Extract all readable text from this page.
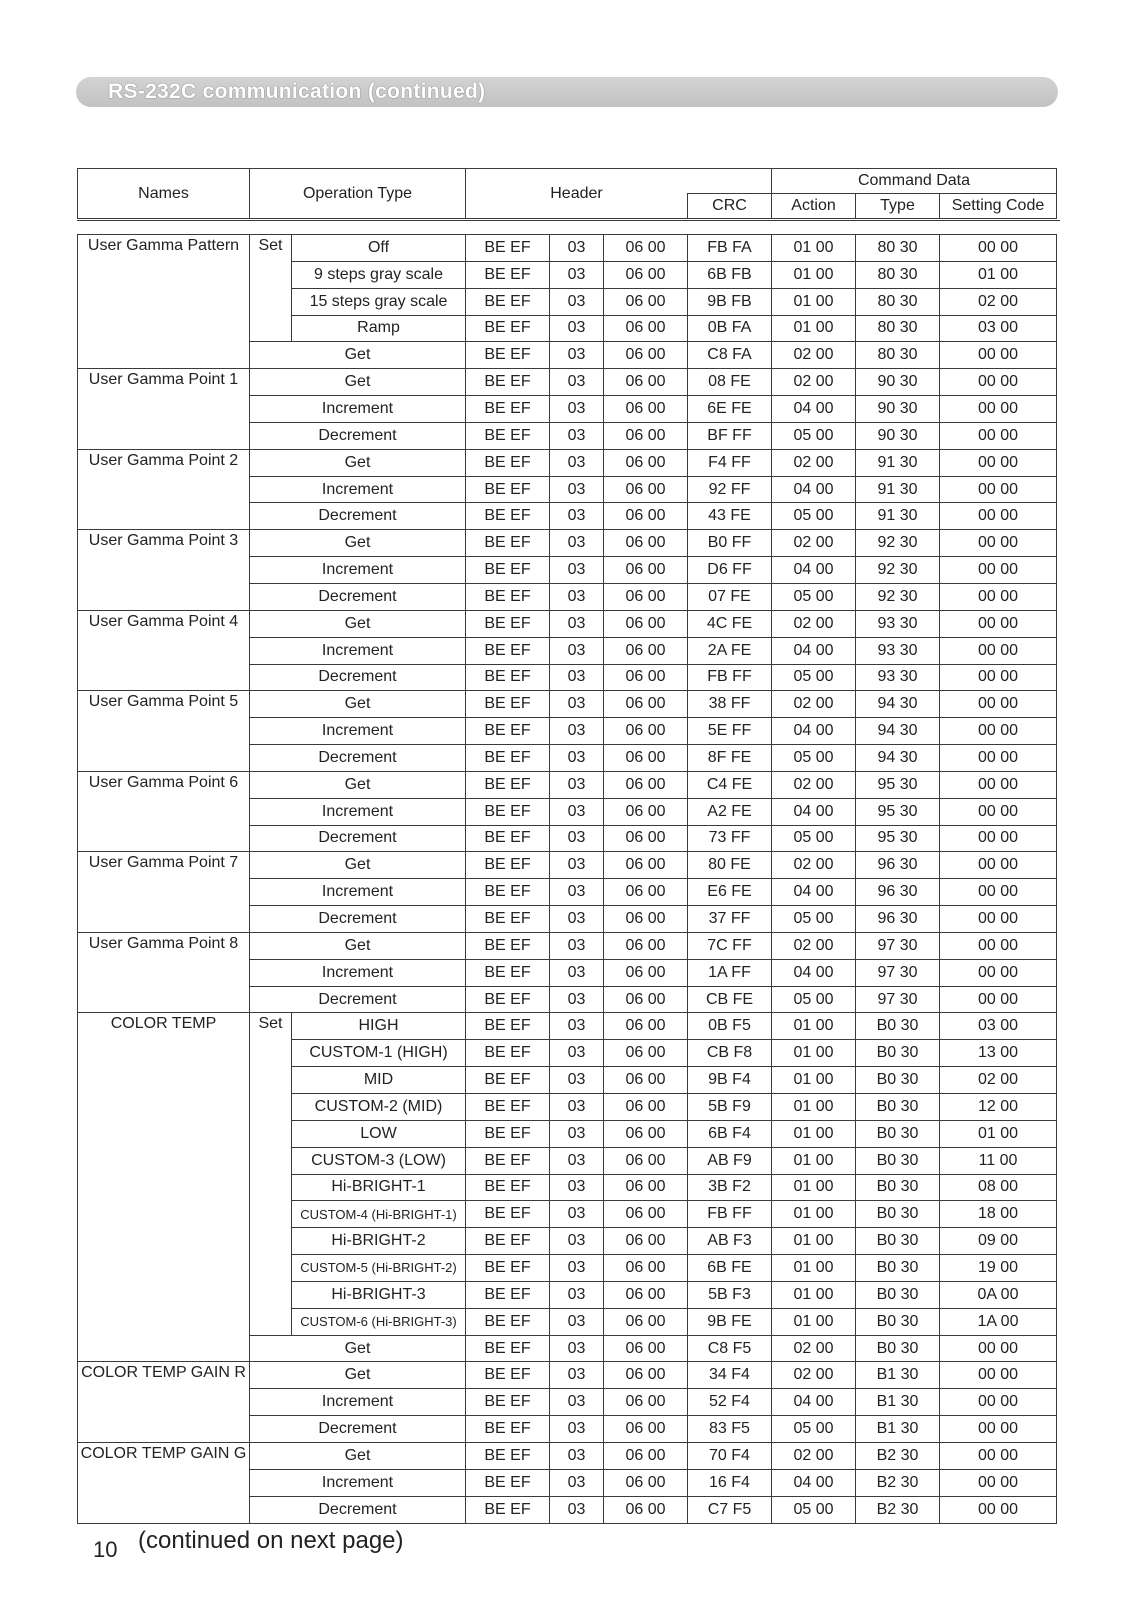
RS-232C communication (continued)
Names	Operation Type	Header		Command Data		
			CRC	Action	Type	Setting Code
User Gamma Pattern	Set	Off	BE EF	03	06 00	FB FA	01 00	80 30	00 00
		9 steps gray scale	BE EF	03	06 00	6B FB	01 00	80 30	01 00
		15 steps gray scale	BE EF	03	06 00	9B FB	01 00	80 30	02 00
		Ramp	BE EF	03	06 00	0B FA	01 00	80 30	03 00
	Get		BE EF	03	06 00	C8 FA	02 00	80 30	00 00
User Gamma Point 1	Get		BE EF	03	06 00	08 FE	02 00	90 30	00 00
	Increment		BE EF	03	06 00	6E FE	04 00	90 30	00 00
	Decrement		BE EF	03	06 00	BF FF	05 00	90 30	00 00
User Gamma Point 2	Get		BE EF	03	06 00	F4 FF	02 00	91 30	00 00
	Increment		BE EF	03	06 00	92 FF	04 00	91 30	00 00
	Decrement		BE EF	03	06 00	43 FE	05 00	91 30	00 00
User Gamma Point 3	Get		BE EF	03	06 00	B0 FF	02 00	92 30	00 00
	Increment		BE EF	03	06 00	D6 FF	04 00	92 30	00 00
	Decrement		BE EF	03	06 00	07 FE	05 00	92 30	00 00
User Gamma Point 4	Get		BE EF	03	06 00	4C FE	02 00	93 30	00 00
	Increment		BE EF	03	06 00	2A FE	04 00	93 30	00 00
	Decrement		BE EF	03	06 00	FB FF	05 00	93 30	00 00
User Gamma Point 5	Get		BE EF	03	06 00	38 FF	02 00	94 30	00 00
	Increment		BE EF	03	06 00	5E FF	04 00	94 30	00 00
	Decrement		BE EF	03	06 00	8F FE	05 00	94 30	00 00
User Gamma Point 6	Get		BE EF	03	06 00	C4 FE	02 00	95 30	00 00
	Increment		BE EF	03	06 00	A2 FE	04 00	95 30	00 00
	Decrement		BE EF	03	06 00	73 FF	05 00	95 30	00 00
User Gamma Point 7	Get		BE EF	03	06 00	80 FE	02 00	96 30	00 00
	Increment		BE EF	03	06 00	E6 FE	04 00	96 30	00 00
	Decrement		BE EF	03	06 00	37 FF	05 00	96 30	00 00
User Gamma Point 8	Get		BE EF	03	06 00	7C FF	02 00	97 30	00 00
	Increment		BE EF	03	06 00	1A FF	04 00	97 30	00 00
	Decrement		BE EF	03	06 00	CB FE	05 00	97 30	00 00
COLOR TEMP	Set	HIGH	BE EF	03	06 00	0B F5	01 00	B0 30	03 00
		CUSTOM-1 (HIGH)	BE EF	03	06 00	CB F8	01 00	B0 30	13 00
		MID	BE EF	03	06 00	9B F4	01 00	B0 30	02 00
		CUSTOM-2 (MID)	BE EF	03	06 00	5B F9	01 00	B0 30	12 00
		LOW	BE EF	03	06 00	6B F4	01 00	B0 30	01 00
		CUSTOM-3 (LOW)	BE EF	03	06 00	AB F9	01 00	B0 30	11 00
		Hi-BRIGHT-1	BE EF	03	06 00	3B F2	01 00	B0 30	08 00
		CUSTOM-4 (Hi-BRIGHT-1)	BE EF	03	06 00	FB FF	01 00	B0 30	18 00
		Hi-BRIGHT-2	BE EF	03	06 00	AB F3	01 00	B0 30	09 00
		CUSTOM-5 (Hi-BRIGHT-2)	BE EF	03	06 00	6B FE	01 00	B0 30	19 00
		Hi-BRIGHT-3	BE EF	03	06 00	5B F3	01 00	B0 30	0A 00
		CUSTOM-6 (Hi-BRIGHT-3)	BE EF	03	06 00	9B FE	01 00	B0 30	1A 00
	Get		BE EF	03	06 00	C8 F5	02 00	B0 30	00 00
COLOR TEMP GAIN R	Get		BE EF	03	06 00	34 F4	02 00	B1 30	00 00
	Increment		BE EF	03	06 00	52 F4	04 00	B1 30	00 00
	Decrement		BE EF	03	06 00	83 F5	05 00	B1 30	00 00
COLOR TEMP GAIN G	Get		BE EF	03	06 00	70 F4	02 00	B2 30	00 00
	Increment		BE EF	03	06 00	16 F4	04 00	B2 30	00 00
	Decrement		BE EF	03	06 00	C7 F5	05 00	B2 30	00 00
10 (continued on next page)
